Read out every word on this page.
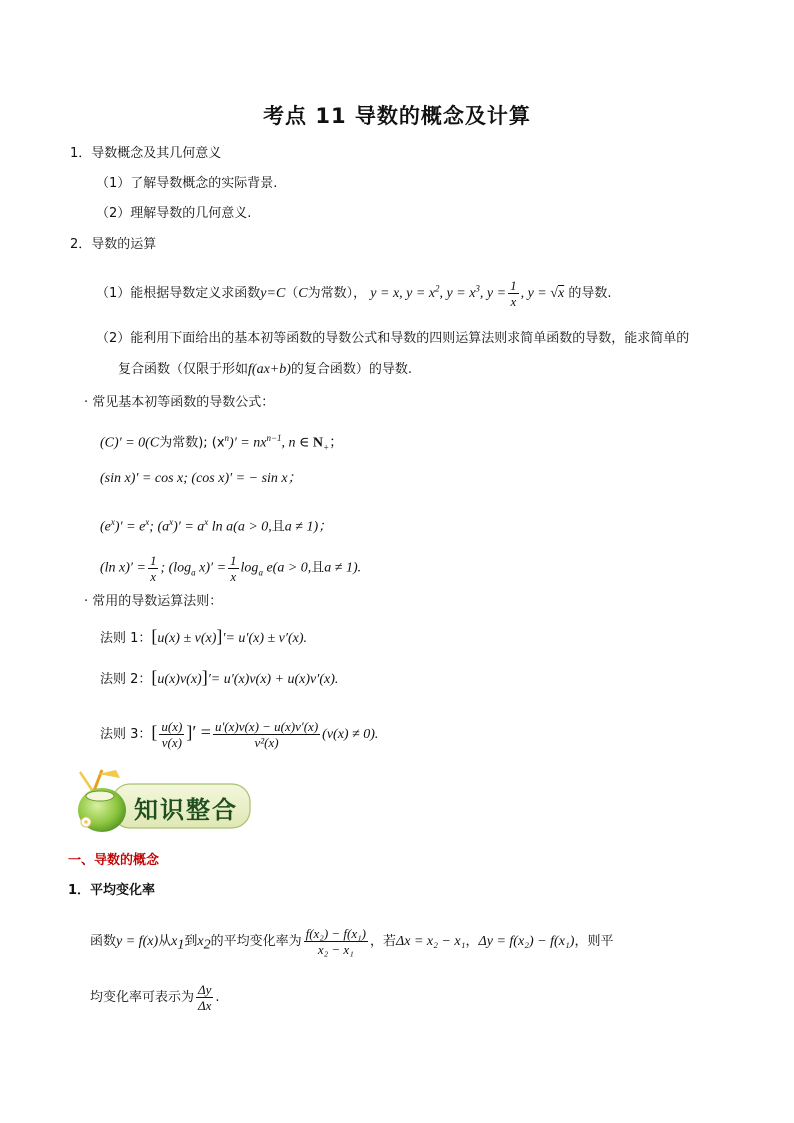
考点 11 导数的概念及计算
1．导数概念及其几何意义
（1）了解导数概念的实际背景.
（2）理解导数的几何意义.
2．导数的运算
（1）能根据导数定义求函数y=C（C为常数）， y = x, $y = x^2$, $y = x^3$, $y = \frac{1}{x}$ , y = √x 的导数.
（2）能利用下面给出的基本初等函数的导数公式和导数的四则运算法则求简单函数的导数，能求简单的
复合函数（仅限于形如f(ax+b)的复合函数）的导数.
· 常见基本初等函数的导数公式：
(C)′ = 0(C为常数); $(x^n)' = nx^{n-1}$, n ∈ $N_+$；
(sin x)′ = cos x; (cos x)′ = − sin x；
$(e^x)' = e^x$; $(a^x)' = a^x$ ln a(a > 0,且a ≠ 1)；
(ln $x)' = \frac{1}{x}$ ; ($\log_a$ $x)' = \frac{1}{x} \log_a e(a > 0$,且a ≠ 1).
· 常用的导数运算法则：
法则 1：[u(x) ± v(x)]′= u′(x) ± v′(x).
法则 2：[u(x)v(x)]′= u′(x)v(x) + u(x)v′(x).
法则 3：[ $\frac{u(x)}{v(x)}$ ]′ = $\frac{u'(x)v(x) - u(x)v'(x)}{\text{v²(x)}} (v(x) \ne 0)$.
知识整合
一、导数的概念
1．平均变化率
函数y = f(x)从$x_1$到$x_2$的平均变化率为 $\frac{\text{f(x₂) − f(x₁)}}{\text{x₂ − x₁}}$ ，若Δx = x₂ − x₁，Δy = f(x₂) − f(x₁)，则平
均变化率可表示为 $\frac{\Delta y}{\Delta x}$ .
